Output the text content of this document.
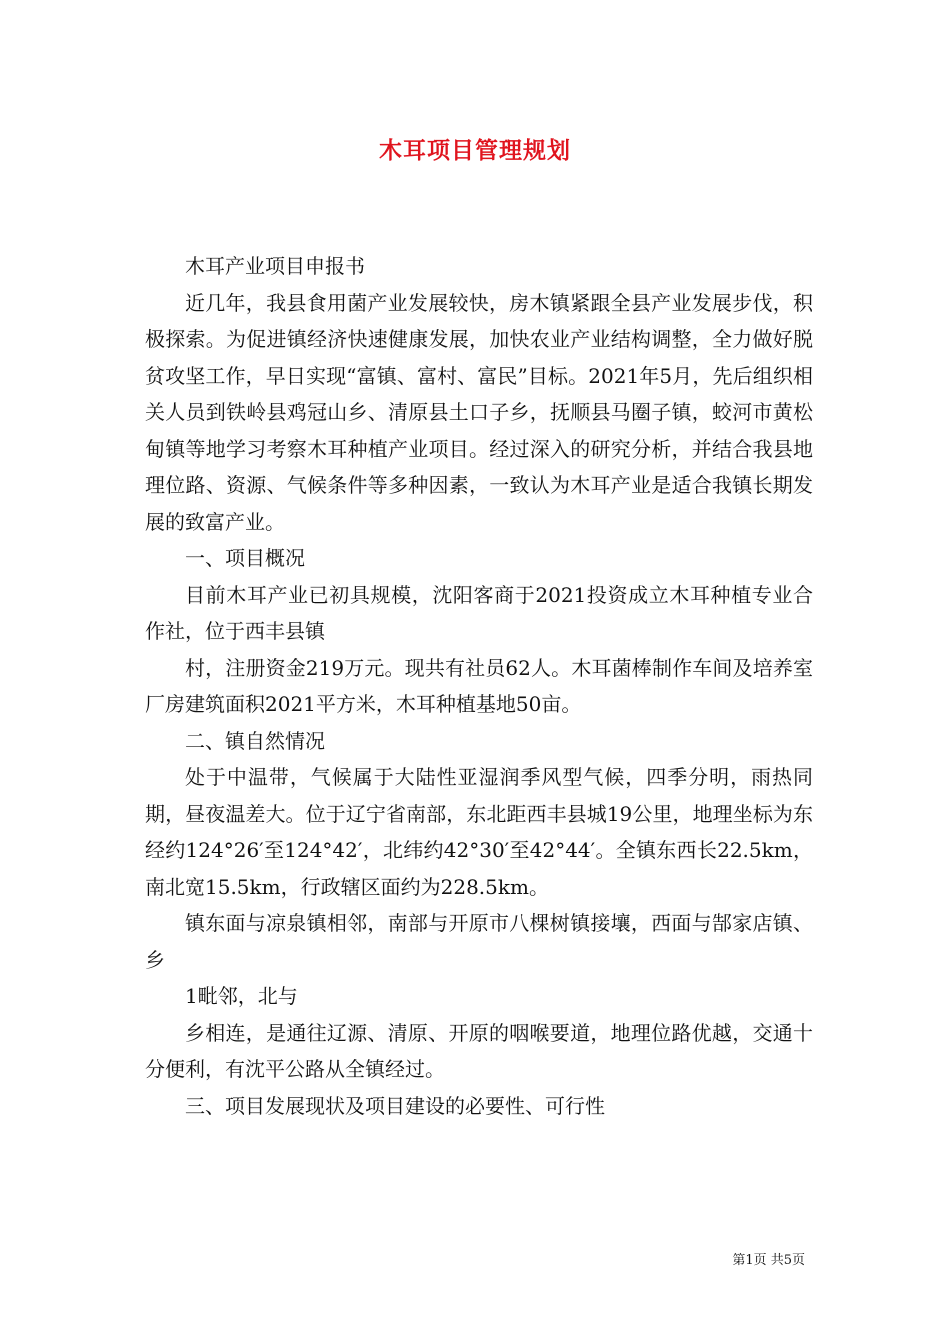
木耳项目管理规划

木耳产业项目申报书

近几年，我县食用菌产业发展较快，房木镇紧跟全县产业发展步伐，积极探索。为促进镇经济快速健康发展，加快农业产业结构调整，全力做好脱贫攻坚工作，早日实现“富镇、富村、富民”目标。2021年5月，先后组织相关人员到铁岭县鸡冠山乡、清原县土口子乡，抚顺县马圈子镇，蛟河市黄松甸镇等地学习考察木耳种植产业项目。经过深入的研究分析，并结合我县地理位路、资源、气候条件等多种因素，一致认为木耳产业是适合我镇长期发展的致富产业。

一、项目概况

目前木耳产业已初具规模，沈阳客商于2021投资成立木耳种植专业合作社，位于西丰县镇

村，注册资金219万元。现共有社员62人。木耳菌棒制作车间及培养室厂房建筑面积2021平方米，木耳种植基地50亩。

二、镇自然情况

处于中温带，气候属于大陆性亚湿润季风型气候，四季分明，雨热同期，昼夜温差大。位于辽宁省南部，东北距西丰县城19公里，地理坐标为东经约124°26′至124°42′，北纬约42°30′至42°44′。全镇东西长22.5km，南北宽15.5km，行政辖区面约为228.5km。

镇东面与凉泉镇相邻，南部与开原市八棵树镇接壤，西面与郜家店镇、乡

1毗邻，北与

乡相连，是通往辽源、清原、开原的咽喉要道，地理位路优越，交通十分便利，有沈平公路从全镇经过。

三、项目发展现状及项目建设的必要性、可行性

第1页 共5页
